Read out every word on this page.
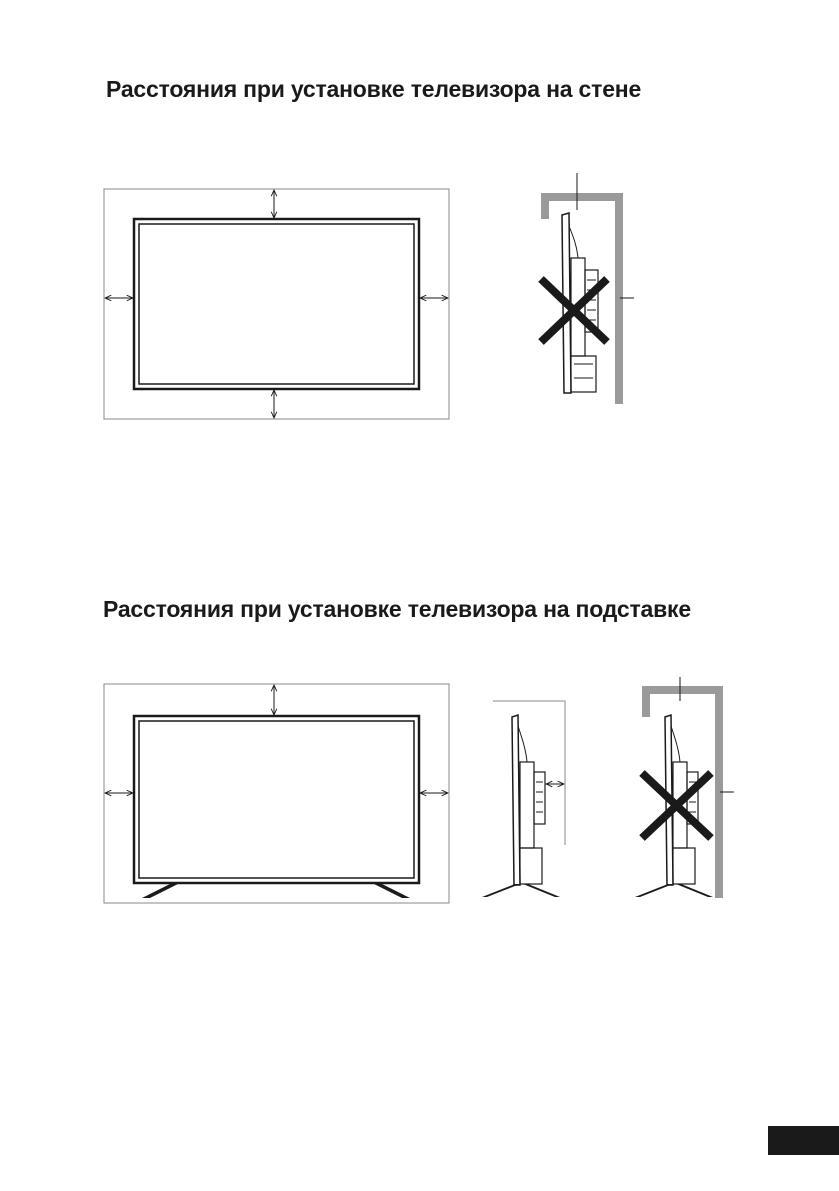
Расстояния при установке телевизора на стене
Расстояния при установке телевизора на подставке
